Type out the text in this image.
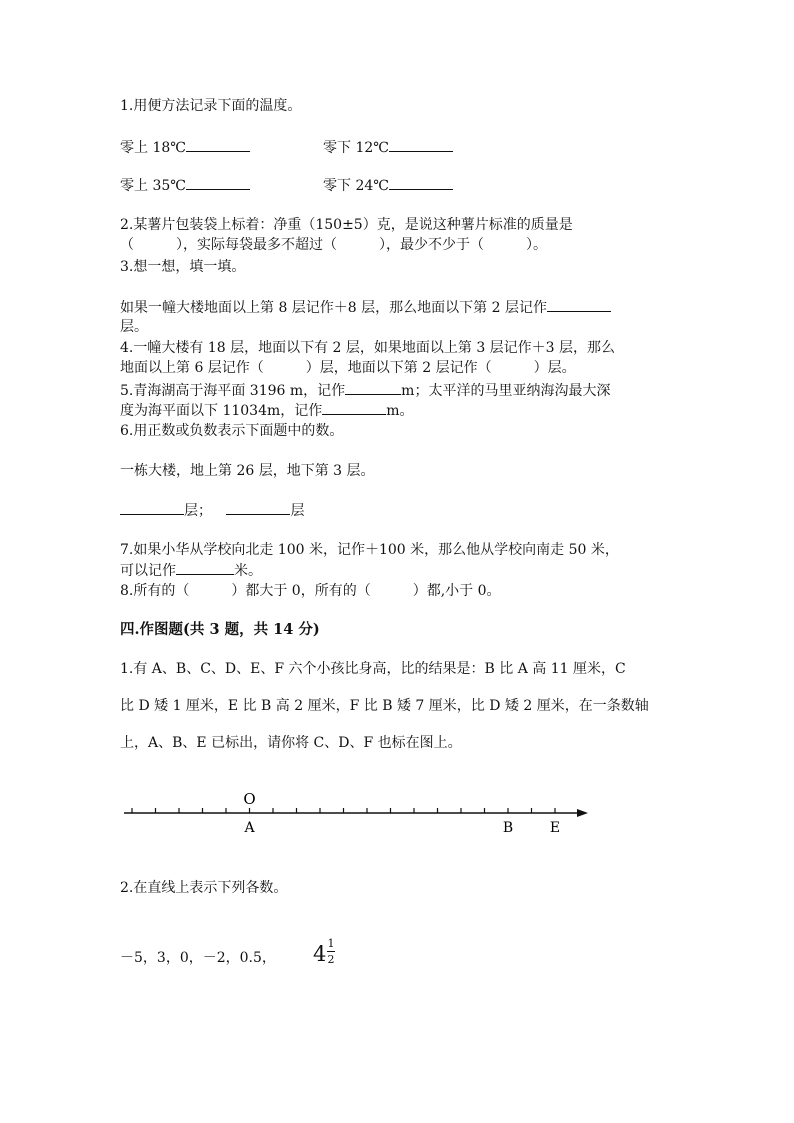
1.用便方法记录下面的温度。
零上 18℃	零下 12℃
零上 35℃	零下 24℃
2.某薯片包装袋上标着：净重（150±5）克，是说这种薯片标准的质量是
（　　　），实际每袋最多不超过（　　　），最少不少于（　　　）。
3.想一想，填一填。
如果一幢大楼地面以上第 8 层记作＋8 层，那么地面以下第 2 层记作
层。
4.一幢大楼有 18 层，地面以下有 2 层，如果地面以上第 3 层记作＋3 层，那么
地面以上第 6 层记作（　　　）层，地面以下第 2 层记作（　　　）层。
5.青海湖高于海平面 3196 m，记作	m；太平洋的马里亚纳海沟最大深
度为海平面以下 11034m，记作	m。
6.用正数或负数表示下面题中的数。
一栋大楼，地上第 26 层，地下第 3 层。
层；	层
7.如果小华从学校向北走 100 米，记作＋100 米，那么他从学校向南走 50 米，
可以记作	米。
8.所有的（　　　）都大于 0，所有的（　　　）都,小于 0。
四.作图题(共 3 题，共 14 分)
1.有 A、B、C、D、E、F 六个小孩比身高，比的结果是：B 比 A 高 11 厘米，C
比 D 矮 1 厘米，E 比 B 高 2 厘米，F 比 B 矮 7 厘米，比 D 矮 2 厘米，在一条数轴
上，A、B、E 已标出，请你将 C、D、F 也标在图上。
O
A	B	E
2.在直线上表示下列各数。
－5，3，0，－2，0.5， 4 1
2
